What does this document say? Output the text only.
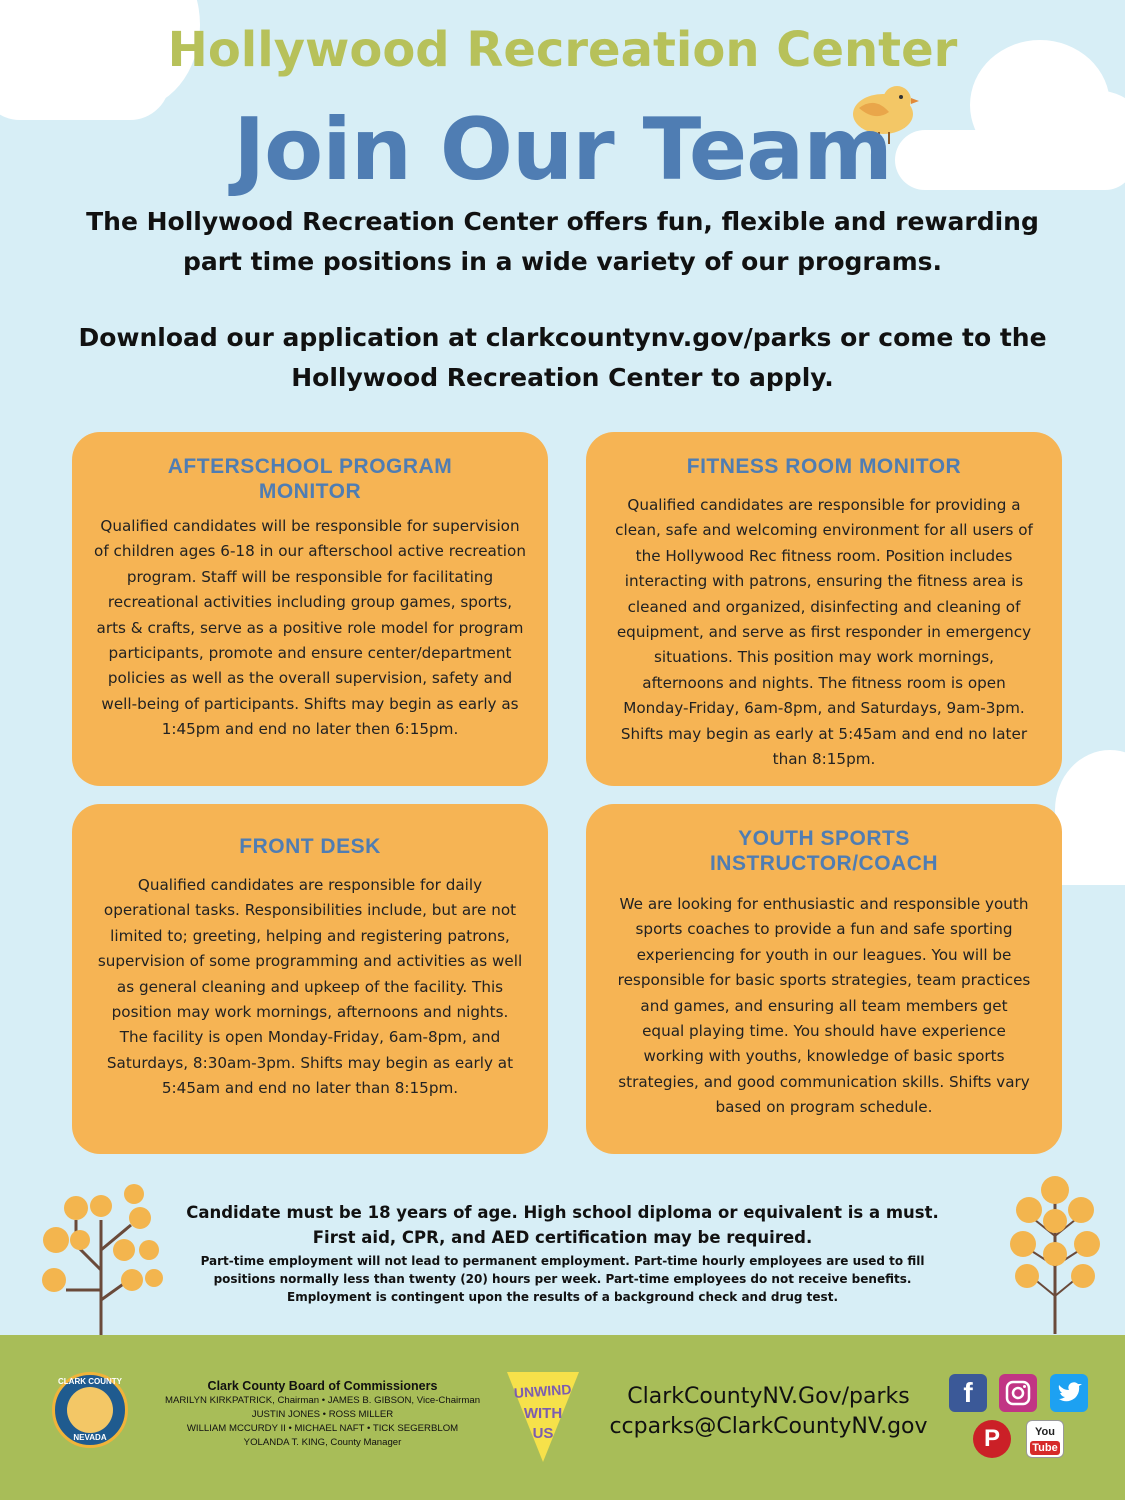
Hollywood Recreation Center
Join Our Team
The Hollywood Recreation Center offers fun, flexible and rewarding
part time positions in a wide variety of our programs.
Download our application at clarkcountynv.gov/parks or come to the
Hollywood Recreation Center to apply.
AFTERSCHOOL PROGRAM
MONITOR

Qualified candidates will be responsible for supervision
of children ages 6-18 in our afterschool active recreation
program. Staff will be responsible for facilitating
recreational activities including group games, sports,
arts & crafts, serve as a positive role model for program
participants, promote and ensure center/department
policies as well as the overall supervision, safety and
well-being of participants. Shifts may begin as early as
1:45pm and end no later then 6:15pm.

FITNESS ROOM MONITOR

Qualified candidates are responsible for providing a
clean, safe and welcoming environment for all users of
the Hollywood Rec fitness room. Position includes
interacting with patrons, ensuring the fitness area is
cleaned and organized, disinfecting and cleaning of
equipment, and serve as first responder in emergency
situations. This position may work mornings,
afternoons and nights. The fitness room is open
Monday-Friday, 6am-8pm, and Saturdays, 9am-3pm.
Shifts may begin as early at 5:45am and end no later
than 8:15pm.

FRONT DESK

Qualified candidates are responsible for daily
operational tasks. Responsibilities include, but are not
limited to; greeting, helping and registering patrons,
supervision of some programming and activities as well
as general cleaning and upkeep of the facility. This
position may work mornings, afternoons and nights.
The facility is open Monday-Friday, 6am-8pm, and
Saturdays, 8:30am-3pm. Shifts may begin as early at
5:45am and end no later than 8:15pm.

YOUTH SPORTS
INSTRUCTOR/COACH

We are looking for enthusiastic and responsible youth
sports coaches to provide a fun and safe sporting
experiencing for youth in our leagues. You will be
responsible for basic sports strategies, team practices
and games, and ensuring all team members get
equal playing time. You should have experience
working with youths, knowledge of basic sports
strategies, and good communication skills. Shifts vary
based on program schedule.

Candidate must be 18 years of age. High school diploma or equivalent is a must.
First aid, CPR, and AED certification may be required.
Part-time employment will not lead to permanent employment. Part-time hourly employees are used to fill
positions normally less than twenty (20) hours per week. Part-time employees do not receive benefits.
Employment is contingent upon the results of a background check and drug test.
CLARK COUNTY
NEVADA
Clark County Board of Commissioners
MARILYN KIRKPATRICK, Chairman • JAMES B. GIBSON, Vice-Chairman
JUSTIN JONES • ROSS MILLER
WILLIAM MCCURDY II • MICHAEL NAFT • TICK SEGERBLOM
YOLANDA T. KING, County Manager
UNWIND
WITH
US
ClarkCountyNV.Gov/parks
ccparks@ClarkCountyNV.gov
f
P	You
Tube
